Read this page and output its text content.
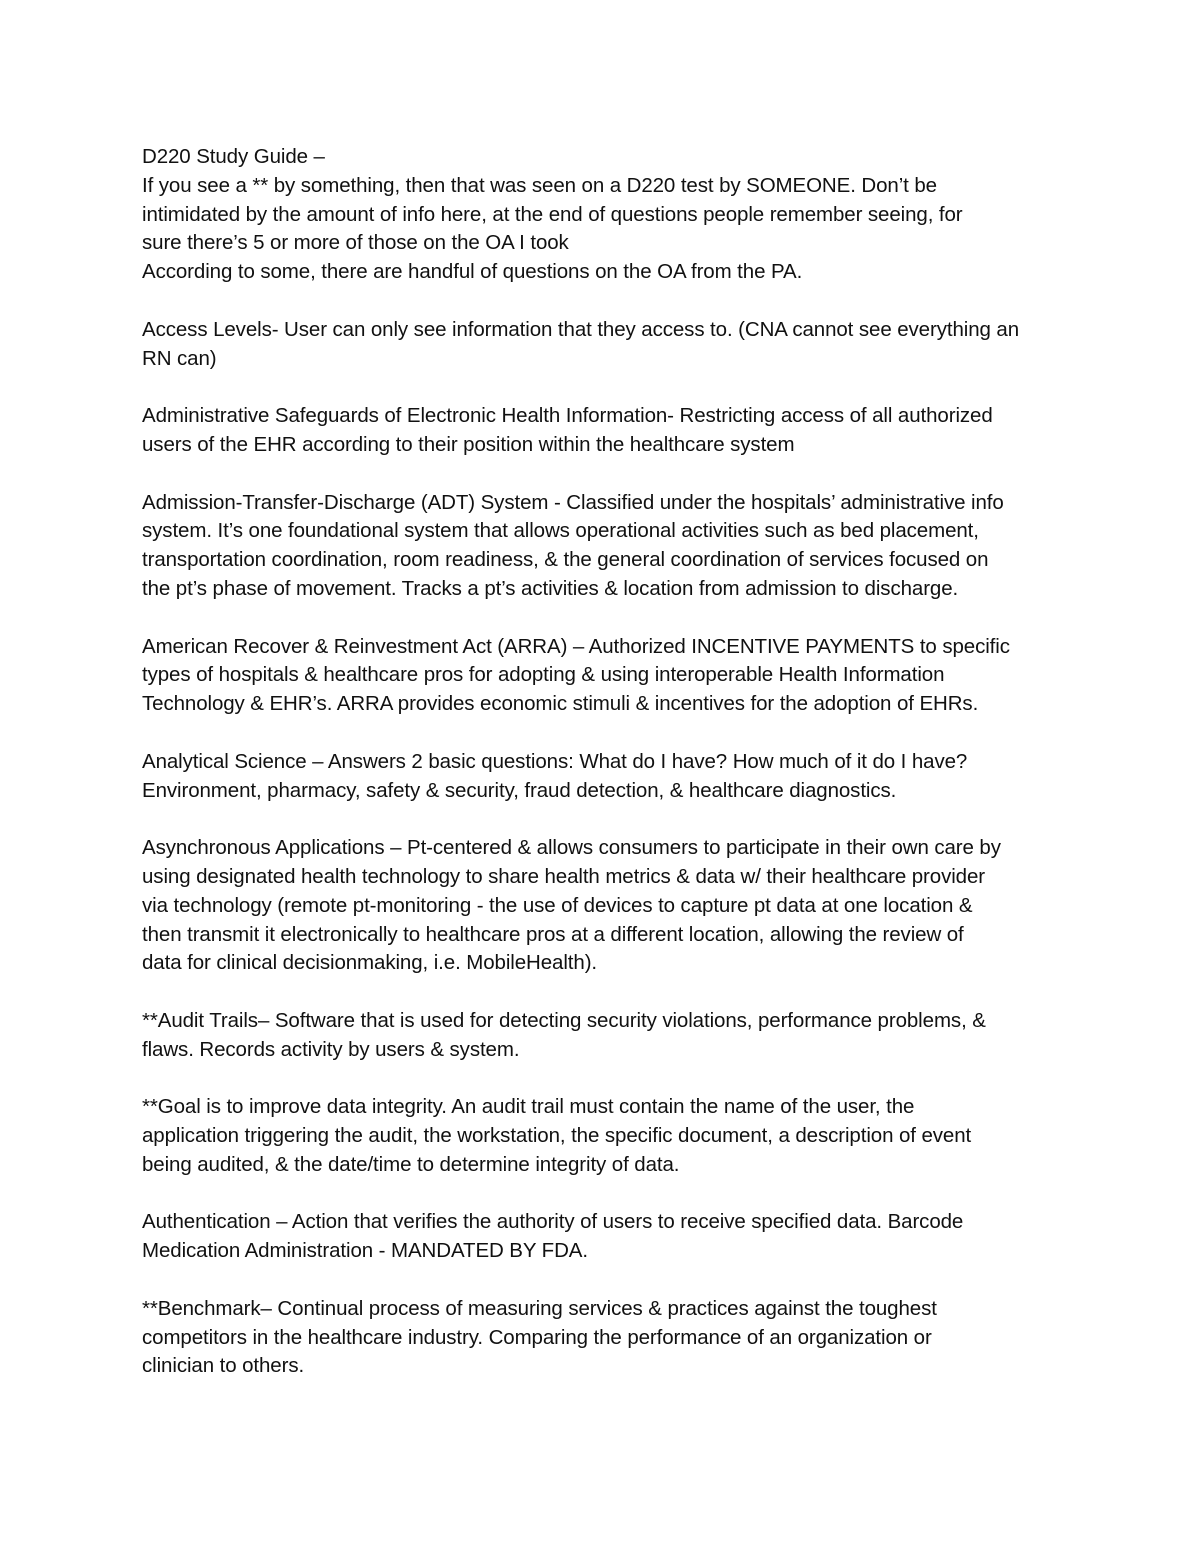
D220 Study Guide –
If you see a ** by something, then that was seen on a D220 test by SOMEONE. Don’t be
intimidated by the amount of info here, at the end of questions people remember seeing, for
sure there’s 5 or more of those on the OA I took
According to some, there are handful of questions on the OA from the PA.
Access Levels- User can only see information that they access to. (CNA cannot see everything an
RN can)
Administrative Safeguards of Electronic Health Information- Restricting access of all authorized
users of the EHR according to their position within the healthcare system
Admission-Transfer-Discharge (ADT) System - Classified under the hospitals’ administrative info
system. It’s one foundational system that allows operational activities such as bed placement,
transportation coordination, room readiness, & the general coordination of services focused on
the pt’s phase of movement. Tracks a pt’s activities & location from admission to discharge.
American Recover & Reinvestment Act (ARRA) – Authorized INCENTIVE PAYMENTS to specific
types of hospitals & healthcare pros for adopting & using interoperable Health Information
Technology & EHR’s. ARRA provides economic stimuli & incentives for the adoption of EHRs.
Analytical Science – Answers 2 basic questions: What do I have? How much of it do I have?
Environment, pharmacy, safety & security, fraud detection, & healthcare diagnostics.
Asynchronous Applications – Pt-centered & allows consumers to participate in their own care by
using designated health technology to share health metrics & data w/ their healthcare provider
via technology (remote pt-monitoring - the use of devices to capture pt data at one location &
then transmit it electronically to healthcare pros at a different location, allowing the review of
data for clinical decisionmaking, i.e. MobileHealth).
**Audit Trails– Software that is used for detecting security violations, performance problems, &
flaws. Records activity by users & system.
**Goal is to improve data integrity. An audit trail must contain the name of the user, the
application triggering the audit, the workstation, the specific document, a description of event
being audited, & the date/time to determine integrity of data.
Authentication – Action that verifies the authority of users to receive specified data. Barcode
Medication Administration - MANDATED BY FDA.
**Benchmark– Continual process of measuring services & practices against the toughest
competitors in the healthcare industry. Comparing the performance of an organization or
clinician to others.
